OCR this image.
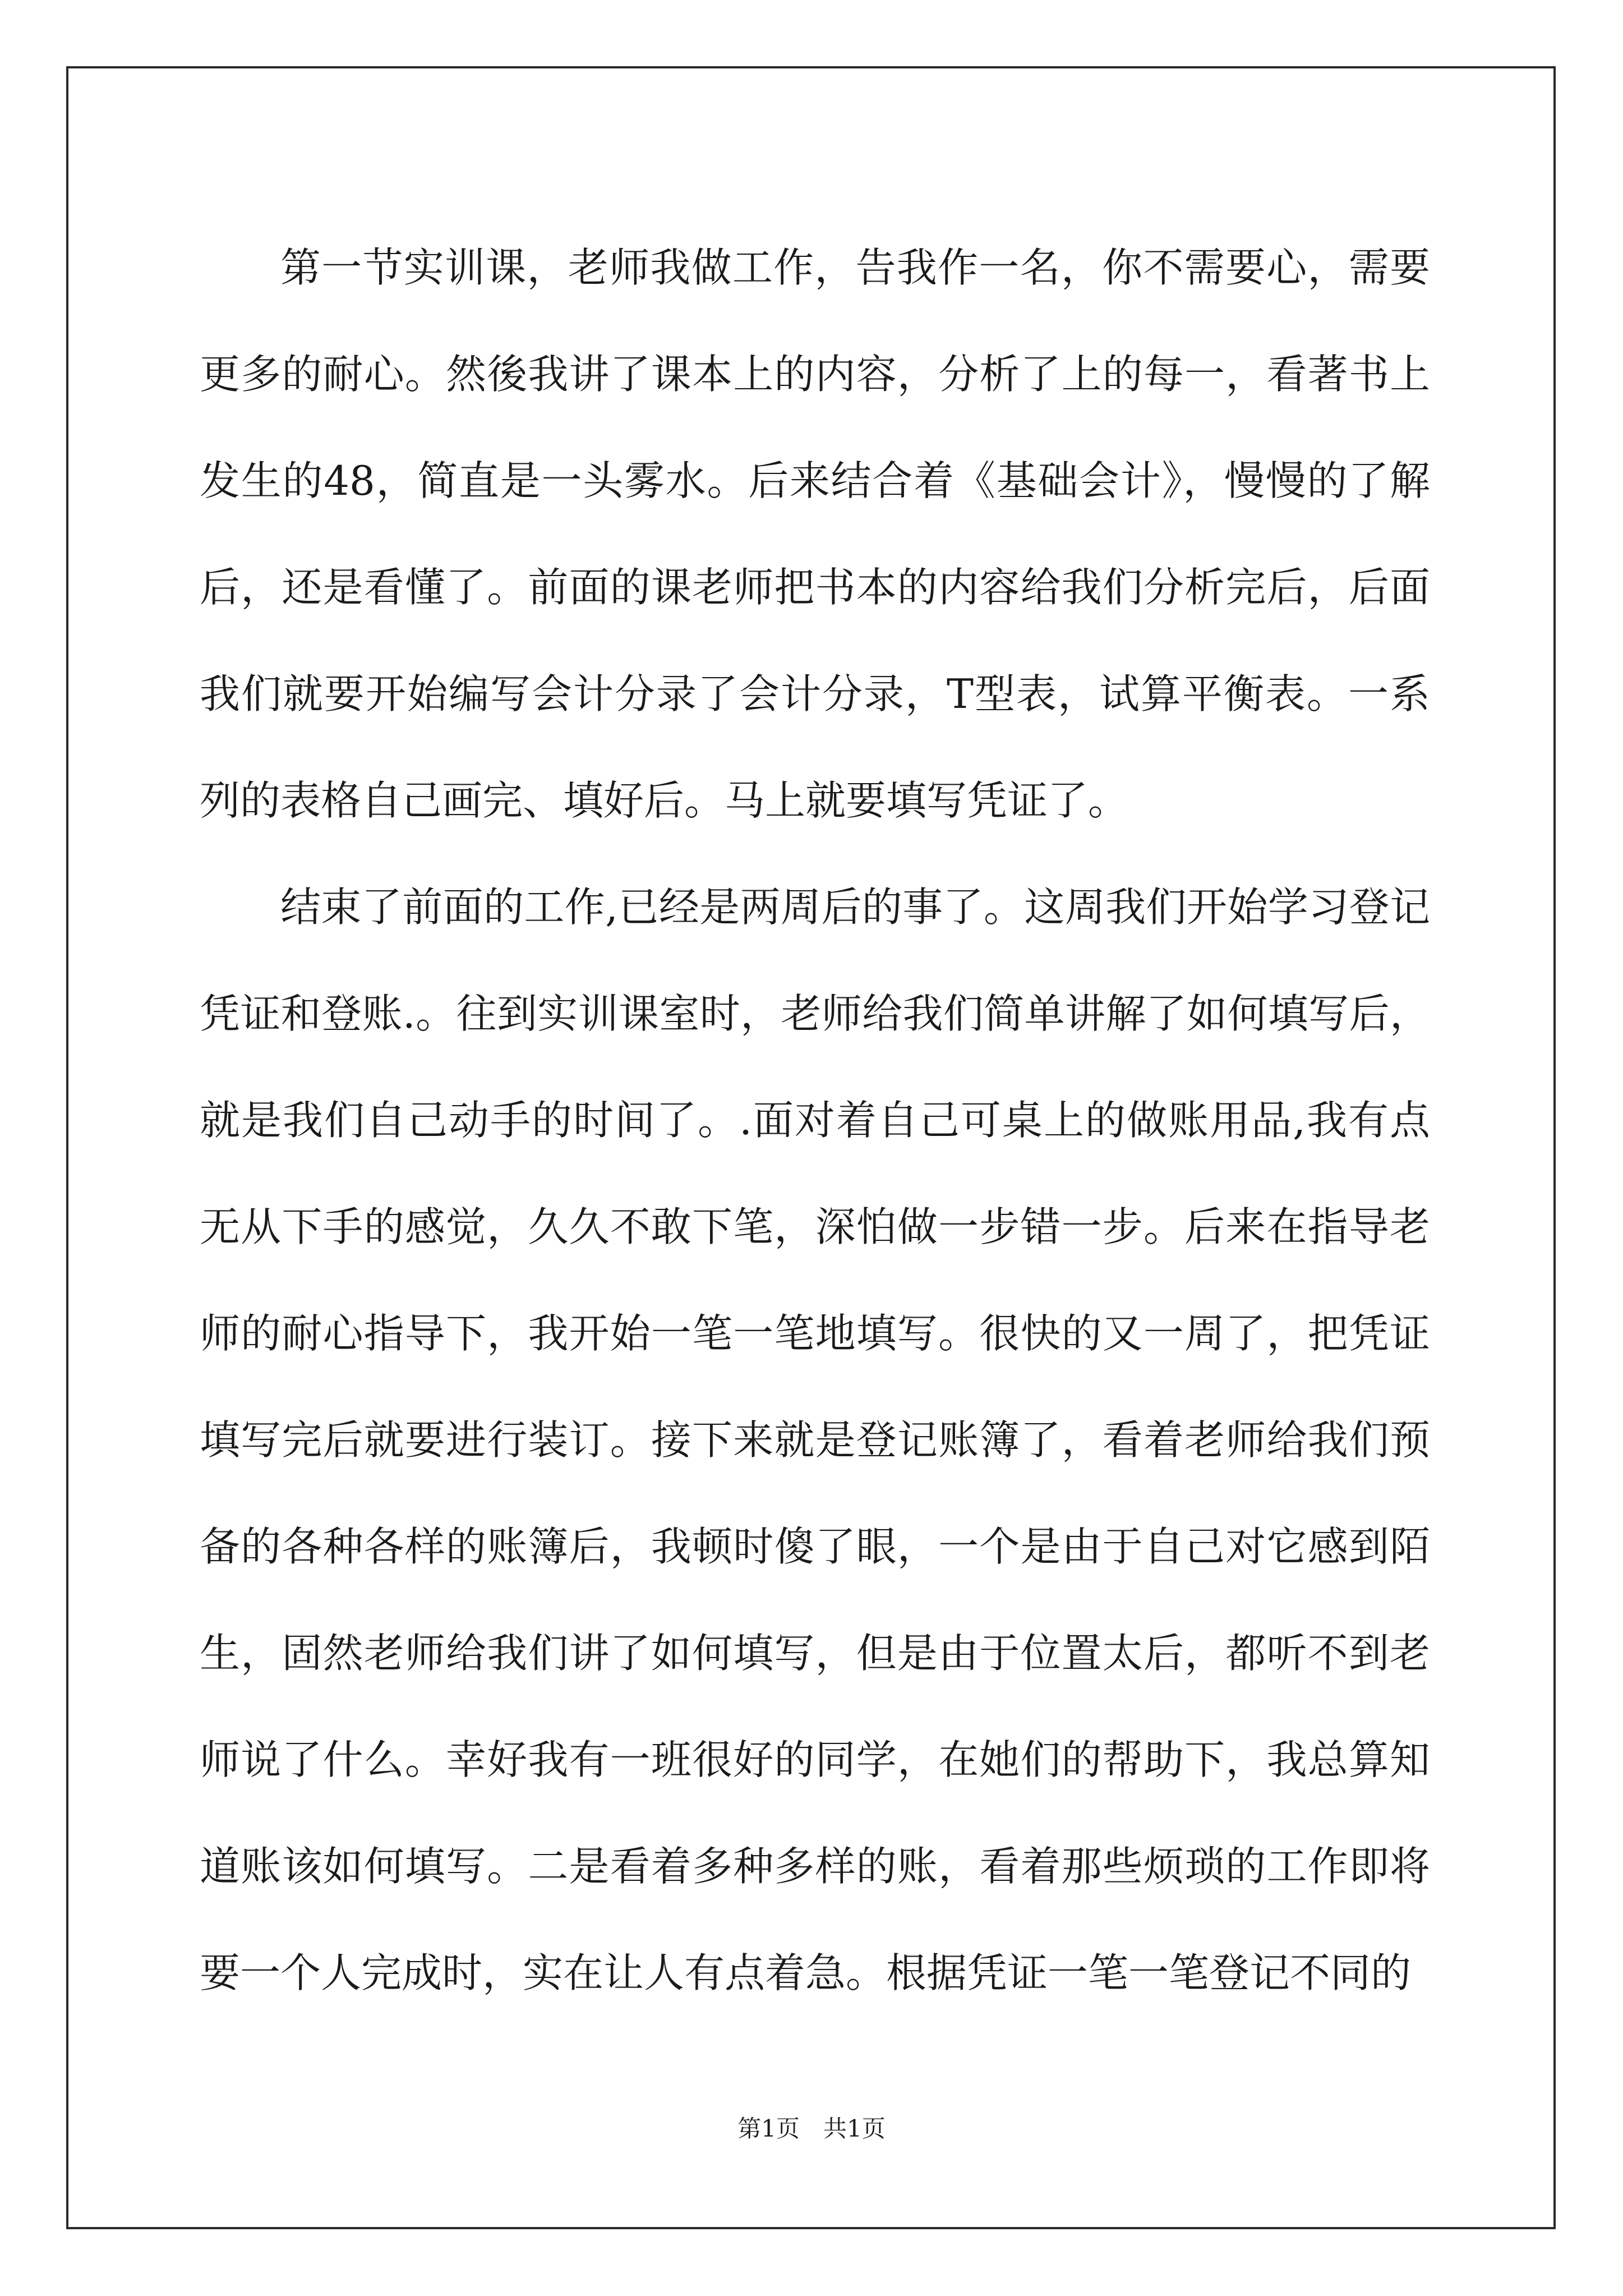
第一节实训课，老师我做工作，告我作一名，你不需要心，需要更多的耐心。然後我讲了课本上的内容，分析了上的每一，看著书上发生的48，简直是一头雾水。后来结合着《基础会计》，慢慢的了解后，还是看懂了。前面的课老师把书本的内容给我们分析完后，后面我们就要开始编写会计分录了会计分录，T型表，试算平衡表。一系列的表格自己画完、填好后。马上就要填写凭证了。

结束了前面的工作,已经是两周后的事了。这周我们开始学习登记凭证和登账.。往到实训课室时，老师给我们简单讲解了如何填写后，就是我们自己动手的时间了。.面对着自己可桌上的做账用品,我有点无从下手的感觉，久久不敢下笔，深怕做一步错一步。后来在指导老师的耐心指导下，我开始一笔一笔地填写。很快的又一周了，把凭证填写完后就要进行装订。接下来就是登记账簿了，看着老师给我们预备的各种各样的账簿后，我顿时傻了眼，一个是由于自己对它感到陌生，固然老师给我们讲了如何填写，但是由于位置太后，都听不到老师说了什么。幸好我有一班很好的同学，在她们的帮助下，我总算知道账该如何填写。二是看着多种多样的账，看着那些烦琐的工作即将要一个人完成时，实在让人有点着急。根据凭证一笔一笔登记不同的

第1页　共1页
